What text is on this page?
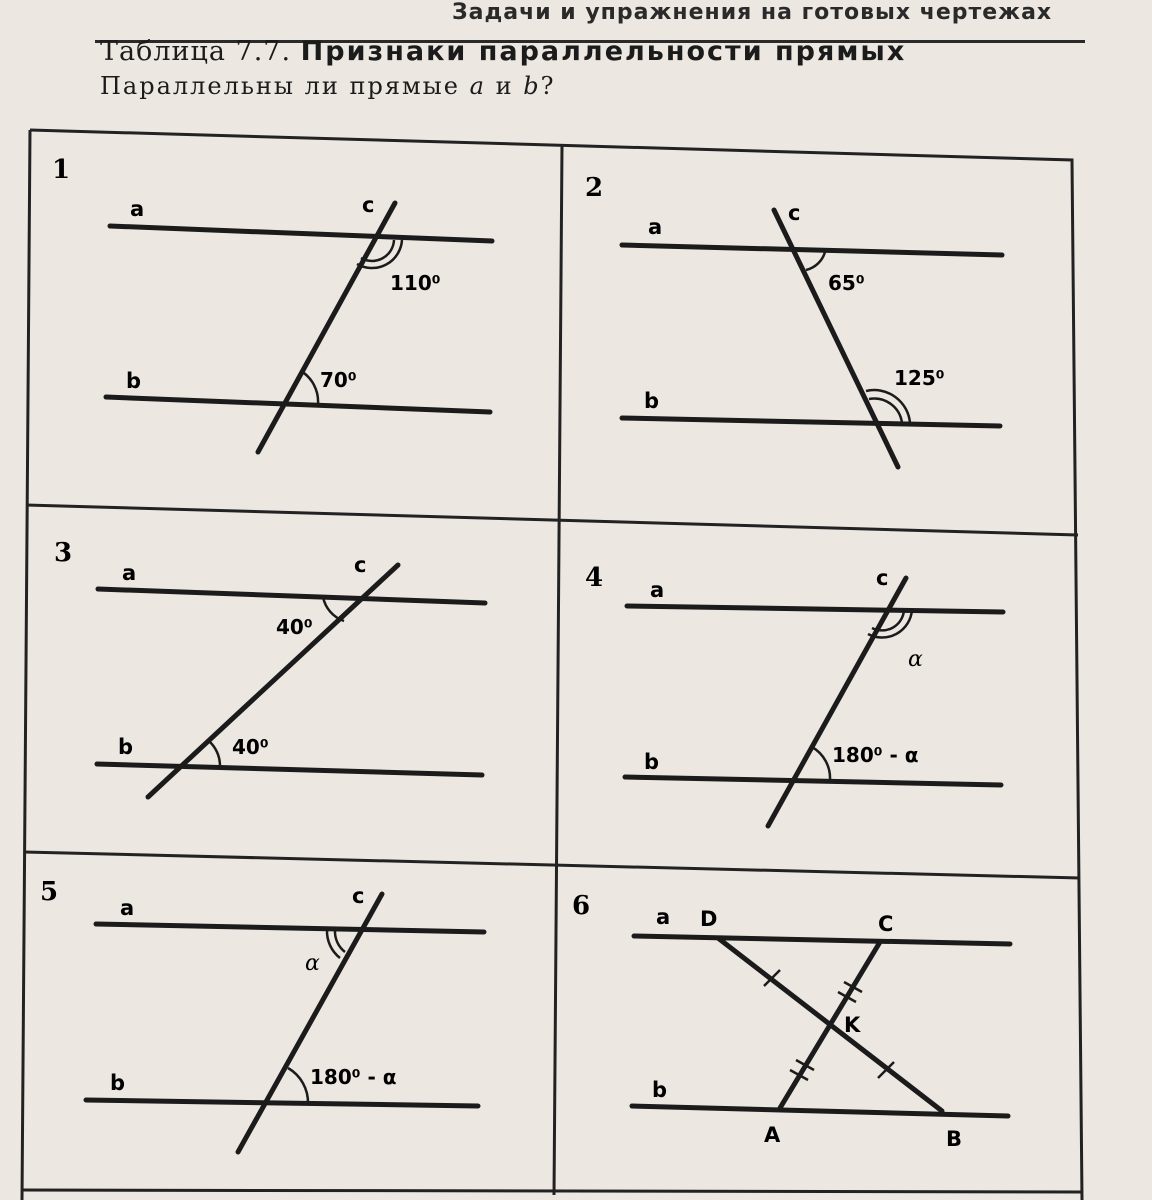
Задачи и упражнения на готовых чертежах
Таблица 7.7. Признаки параллельности прямых
Параллельны ли прямые a и b?
1
a
b
c
110⁰
70⁰
2
a
b
c
65⁰
125⁰
3
a
b
c
40⁰
40⁰
4 a
b
c
α
180⁰ - α
5
a
b
c
α
180⁰ - α
6	a
b
D	C
K
A	B
